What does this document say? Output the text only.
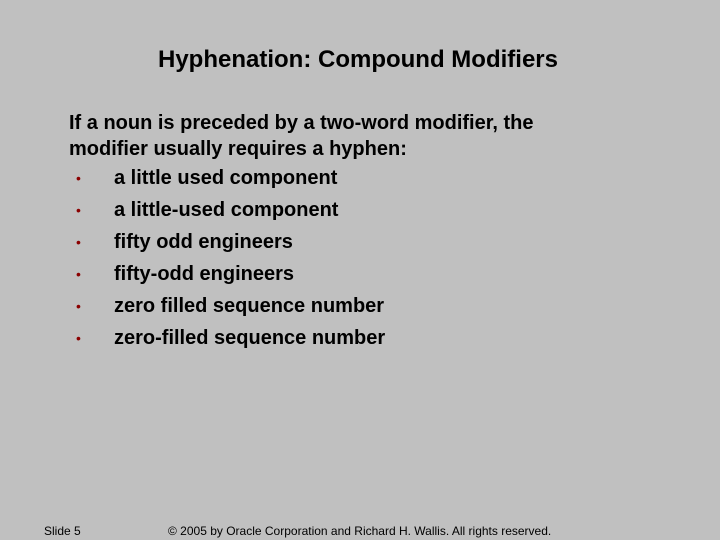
Hyphenation: Compound Modifiers

If a noun is preceded by a two-word modifier, the
modifier usually requires a hyphen:

• a little used component
• a little-used component
• fifty odd engineers
• fifty-odd engineers
• zero filled sequence number
• zero-filled sequence number
Slide 5	© 2005 by Oracle Corporation and Richard H. Wallis. All rights reserved.
